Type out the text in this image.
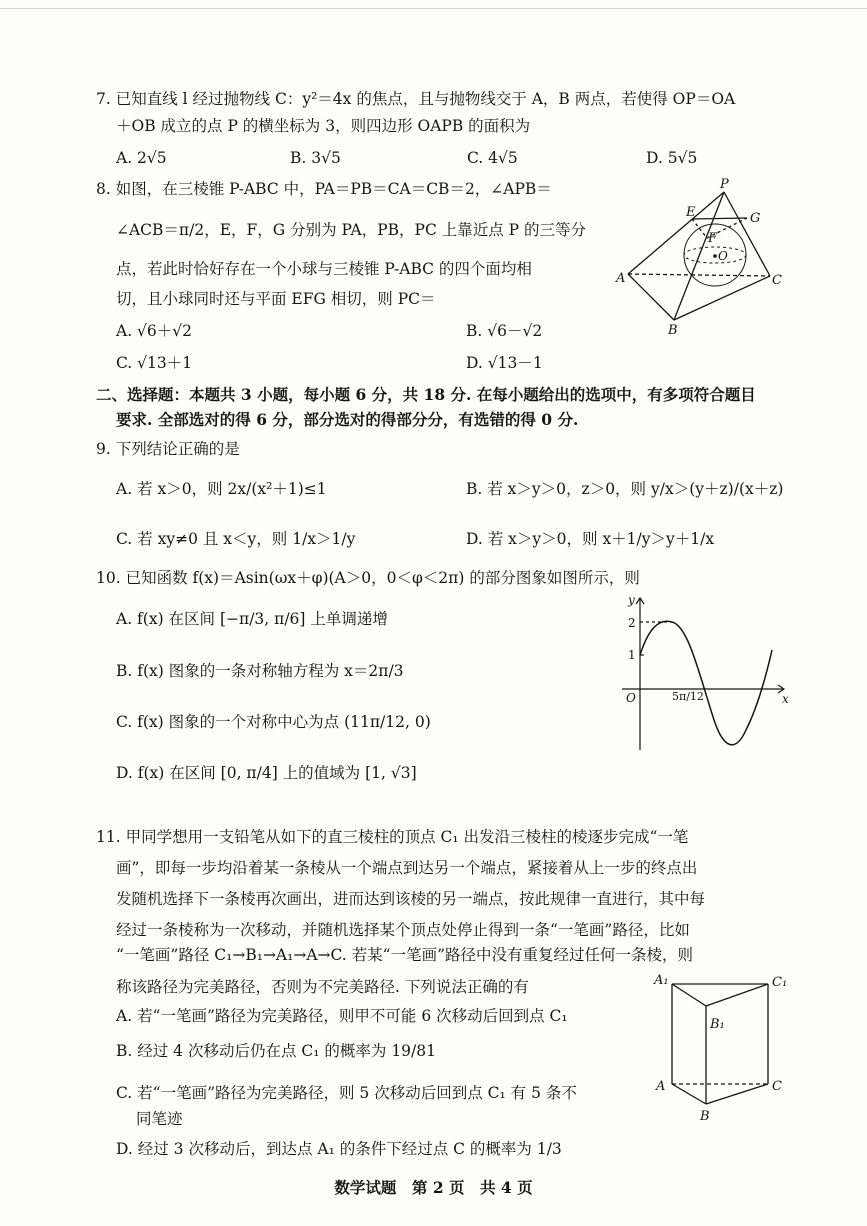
7. 已知直线 l 经过抛物线 C：y²＝4x 的焦点，且与抛物线交于 A，B 两点，若使得 OP＝OA
＋OB 成立的点 P 的横坐标为 3，则四边形 OAPB 的面积为
A. 2√5	B. 3√5	C. 4√5	D. 5√5
8. 如图，在三棱锥 P-ABC 中，PA＝PB＝CA＝CB＝2，∠APB＝
∠ACB＝π/2，E，F，G 分别为 PA，PB，PC 上靠近点 P 的三等分
点，若此时恰好存在一个小球与三棱锥 P-ABC 的四个面均相
切，且小球同时还与平面 EFG 相切，则 PC＝
A. √6＋√2	B. √6－√2
C. √13＋1	D. √13－1
P
E	G
F
O
A	C
B
二、选择题：本题共 3 小题，每小题 6 分，共 18 分. 在每小题给出的选项中，有多项符合题目
要求. 全部选对的得 6 分，部分选对的得部分分，有选错的得 0 分.
9. 下列结论正确的是
A. 若 x＞0，则 2x/(x²＋1)≤1	B. 若 x＞y＞0，z＞0，则 y/x＞(y＋z)/(x＋z)
C. 若 xy≠0 且 x＜y，则 1/x＞1/y	D. 若 x＞y＞0，则 x＋1/y＞y＋1/x
10. 已知函数 f(x)＝Asin(ωx＋φ)(A＞0，0＜φ＜2π) 的部分图象如图所示，则
A. f(x) 在区间 [−π/3, π/6] 上单调递增
B. f(x) 图象的一条对称轴方程为 x＝2π/3
C. f(x) 图象的一个对称中心为点 (11π/12, 0)
D. f(x) 在区间 [0, π/4] 上的值域为 [1, √3]
y
x
O
2
1
5π/12
11. 甲同学想用一支铅笔从如下的直三棱柱的顶点 C₁ 出发沿三棱柱的棱逐步完成“一笔
画”，即每一步均沿着某一条棱从一个端点到达另一个端点，紧接着从上一步的终点出
发随机选择下一条棱再次画出，进而达到该棱的另一端点，按此规律一直进行，其中每
经过一条棱称为一次移动，并随机选择某个顶点处停止得到一条“一笔画”路径，比如
“一笔画”路径 C₁→B₁→A₁→A→C. 若某“一笔画”路径中没有重复经过任何一条棱，则
称该路径为完美路径，否则为不完美路径. 下列说法正确的有
A. 若“一笔画”路径为完美路径，则甲不可能 6 次移动后回到点 C₁
B. 经过 4 次移动后仍在点 C₁ 的概率为 19/81
C. 若“一笔画”路径为完美路径，则 5 次移动后回到点 C₁ 有 5 条不
同笔迹
D. 经过 3 次移动后，到达点 A₁ 的条件下经过点 C 的概率为 1/3
A₁	C₁
B₁
A	C
B
数学试题　第 2 页　共 4 页
